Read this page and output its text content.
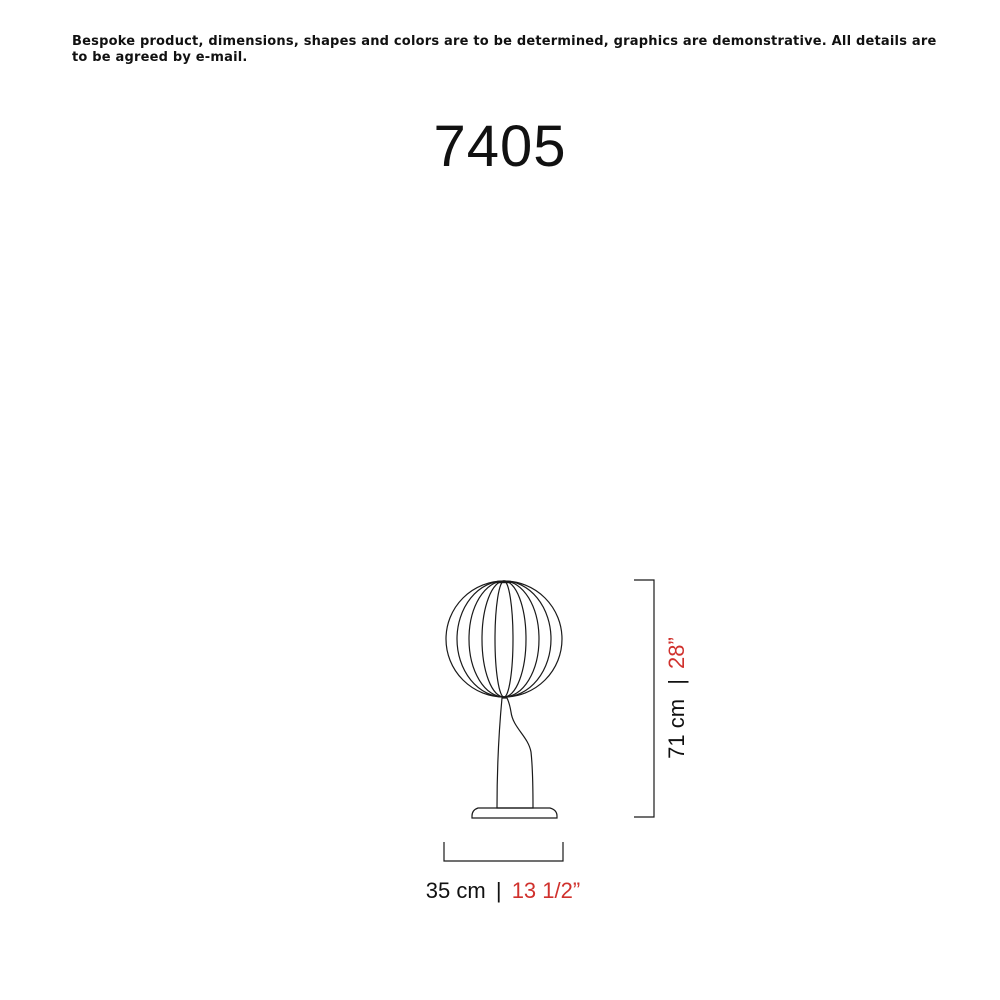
Bespoke product, dimensions, shapes and colors are to be determined, graphics are demonstrative. All details are to be agreed by e-mail.

7405
35 cm | 13 1/2”
71 cm | 28”
